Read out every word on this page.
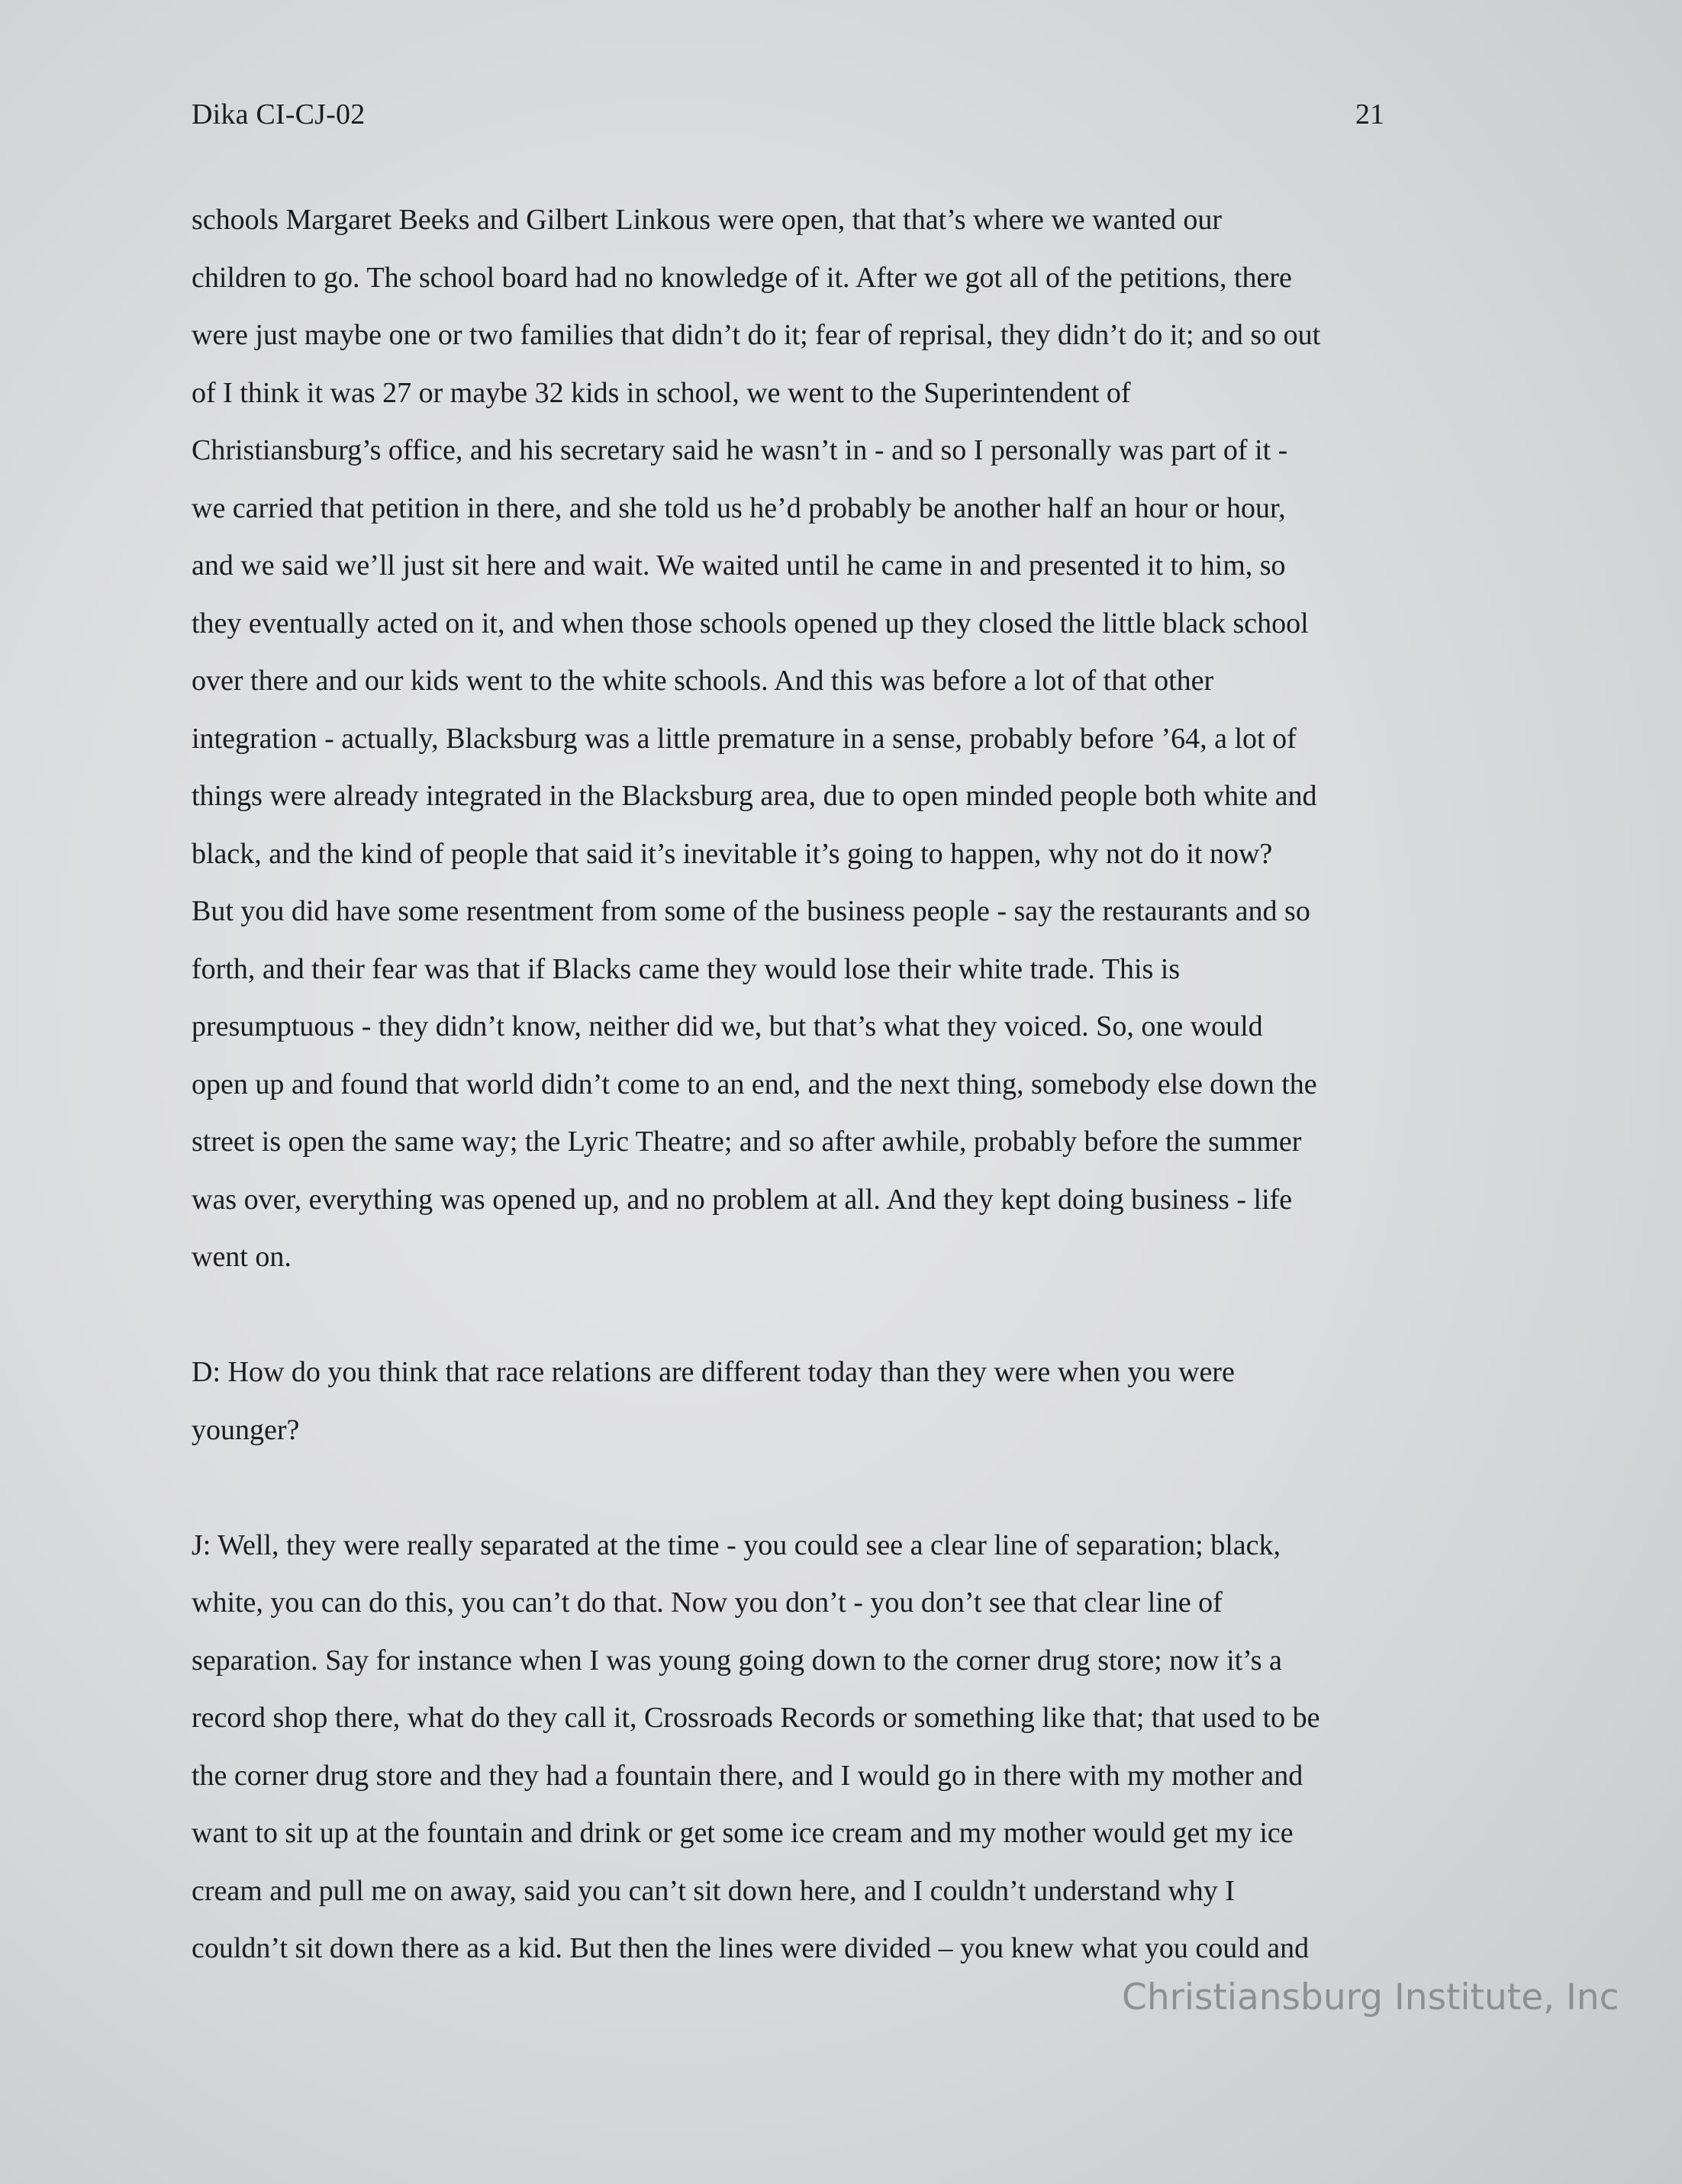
Dika CI-CJ-02	21
schools Margaret Beeks and Gilbert Linkous were open, that that’s where we wanted our
children to go. The school board had no knowledge of it. After we got all of the petitions, there
were just maybe one or two families that didn’t do it; fear of reprisal, they didn’t do it; and so out
of I think it was 27 or maybe 32 kids in school, we went to the Superintendent of
Christiansburg’s office, and his secretary said he wasn’t in - and so I personally was part of it -
we carried that petition in there, and she told us he’d probably be another half an hour or hour,
and we said we’ll just sit here and wait. We waited until he came in and presented it to him, so
they eventually acted on it, and when those schools opened up they closed the little black school
over there and our kids went to the white schools. And this was before a lot of that other
integration - actually, Blacksburg was a little premature in a sense, probably before ’64, a lot of
things were already integrated in the Blacksburg area, due to open minded people both white and
black, and the kind of people that said it’s inevitable it’s going to happen, why not do it now?
But you did have some resentment from some of the business people - say the restaurants and so
forth, and their fear was that if Blacks came they would lose their white trade. This is
presumptuous - they didn’t know, neither did we, but that’s what they voiced. So, one would
open up and found that world didn’t come to an end, and the next thing, somebody else down the
street is open the same way; the Lyric Theatre; and so after awhile, probably before the summer
was over, everything was opened up, and no problem at all. And they kept doing business - life
went on.
D: How do you think that race relations are different today than they were when you were
younger?
J: Well, they were really separated at the time - you could see a clear line of separation; black,
white, you can do this, you can’t do that. Now you don’t - you don’t see that clear line of
separation. Say for instance when I was young going down to the corner drug store; now it’s a
record shop there, what do they call it, Crossroads Records or something like that; that used to be
the corner drug store and they had a fountain there, and I would go in there with my mother and
want to sit up at the fountain and drink or get some ice cream and my mother would get my ice
cream and pull me on away, said you can’t sit down here, and I couldn’t understand why I
couldn’t sit down there as a kid. But then the lines were divided – you knew what you could and
Christiansburg Institute, Inc
